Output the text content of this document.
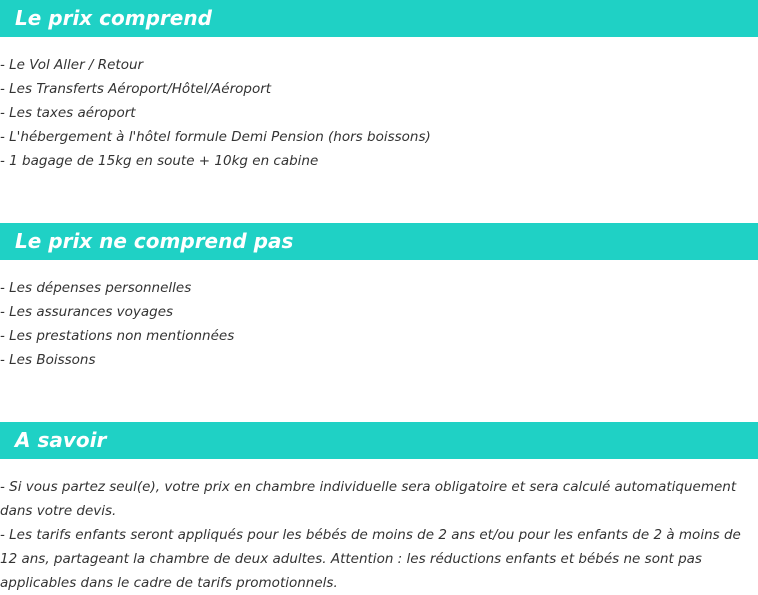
Le prix comprend
- Le Vol Aller / Retour
- Les Transferts Aéroport/Hôtel/Aéroport
- Les taxes aéroport
- L'hébergement à l'hôtel formule Demi Pension (hors boissons)
- 1 bagage de 15kg en soute + 10kg en cabine
Le prix ne comprend pas
- Les dépenses personnelles
- Les assurances voyages
- Les prestations non mentionnées
- Les Boissons
A savoir

- Si vous partez seul(e), votre prix en chambre individuelle sera obligatoire et sera calculé automatiquement dans votre devis.

- Les tarifs enfants seront appliqués pour les bébés de moins de 2 ans et/ou pour les enfants de 2 à moins de 12 ans, partageant la chambre de deux adultes. Attention : les réductions enfants et bébés ne sont pas applicables dans le cadre de tarifs promotionnels.
